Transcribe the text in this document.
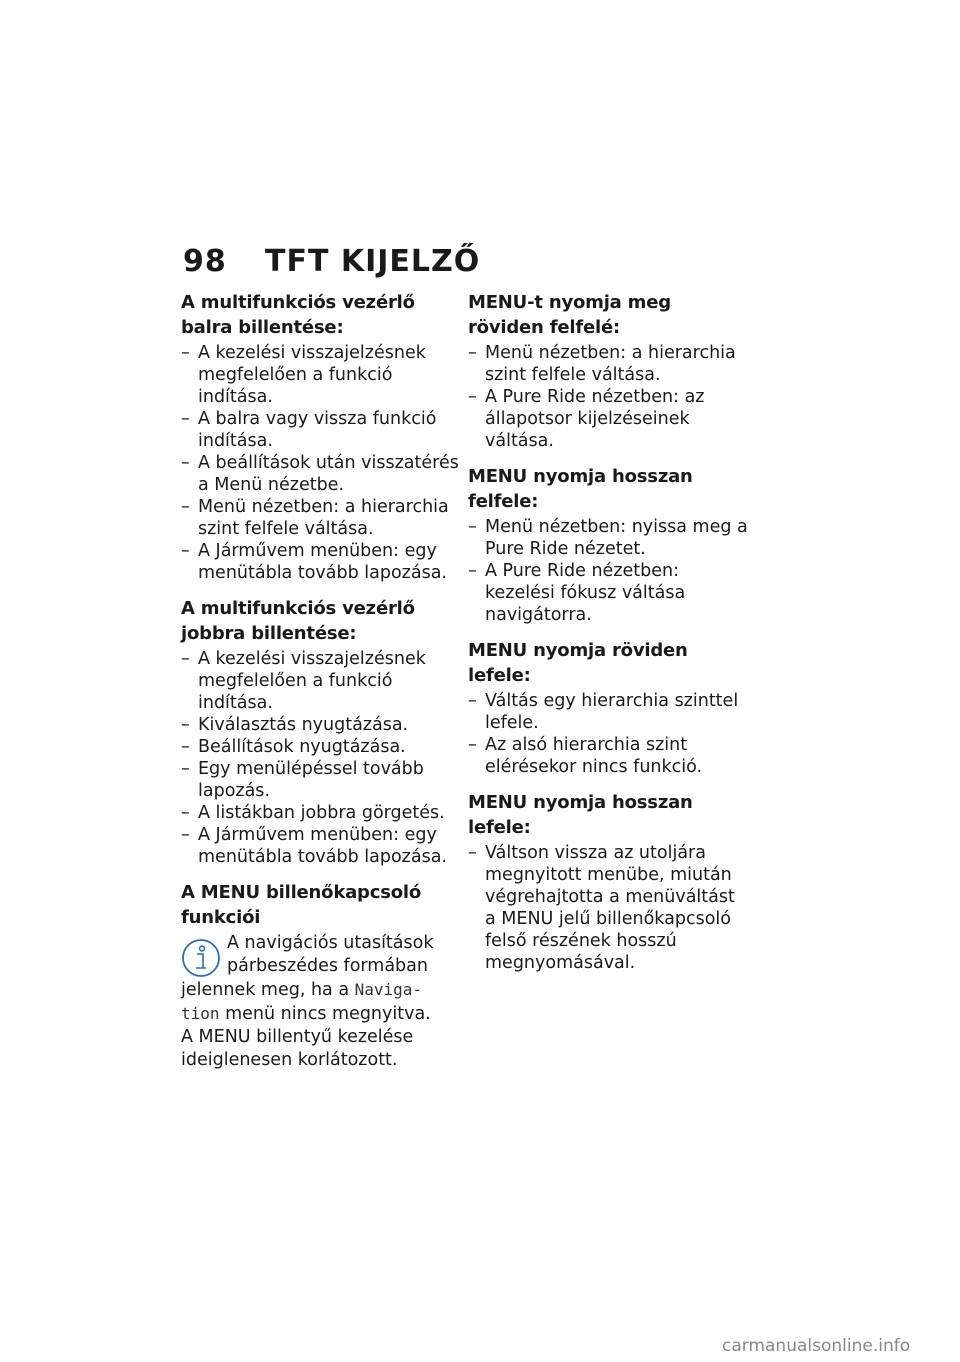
98	TFT KIJELZŐ
A multifunkciós vezérlő balra billentése:
– A kezelési visszajelzésnek megfelelően a funkció indítása.
– A balra vagy vissza funkció indítása.
– A beállítások után visszatérés a Menü nézetbe.
– Menü nézetben: a hierarchia szint felfele váltása.
– A Járművem menüben: egy menütábla tovább lapozása.
A multifunkciós vezérlő jobbra billentése:
– A kezelési visszajelzésnek megfelelően a funkció indítása.
– Kiválasztás nyugtázása.
– Beállítások nyugtázása.
– Egy menülépéssel tovább lapozás.
– A listákban jobbra görgetés.
– A Járművem menüben: egy menütábla tovább lapozása.
A MENU billenőkapcsoló funkciói
A navigációs utasítások
párbeszédes formában
jelennek meg, ha a Naviga-
tion menü nincs megnyitva.
A MENU billentyű kezelése ideiglenesen korlátozott.
MENU-t nyomja meg röviden felfelé:
– Menü nézetben: a hierarchia szint felfele váltása.
– A Pure Ride nézetben: az állapotsor kijelzéseinek váltása.
MENU nyomja hosszan felfele:
– Menü nézetben: nyissa meg a Pure Ride nézetet.
– A Pure Ride nézetben: kezelési fókusz váltása navigátorra.
MENU nyomja röviden lefele:
– Váltás egy hierarchia szinttel lefele.
– Az alsó hierarchia szint elérésekor nincs funkció.
MENU nyomja hosszan lefele:
– Váltson vissza az utoljára megnyitott menübe, miután végrehajtotta a menüváltást a MENU jelű billenőkapcsoló felső részének hosszú megnyomásával.
carmanualsonline.info
